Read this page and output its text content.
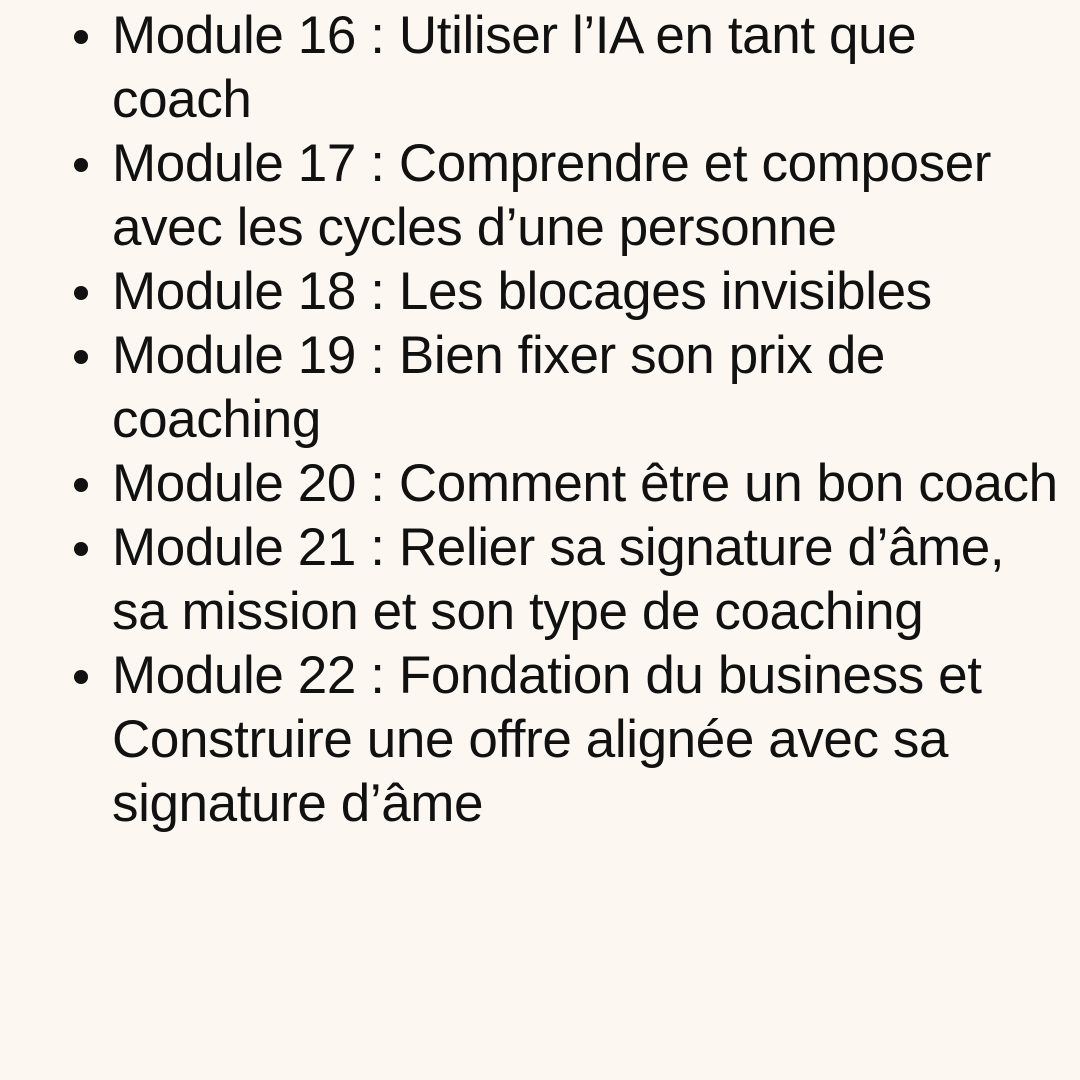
Module 16 : Utiliser l’IA en tant que coach
Module 17 : Comprendre et composer avec les cycles d’une personne
Module 18 : Les blocages invisibles
Module 19 : Bien fixer son prix de coaching
Module 20 : Comment être un bon coach
Module 21 : Relier sa signature d’âme, sa mission et son type de coaching
Module 22 : Fondation du business et Construire une offre alignée avec sa signature d’âme
